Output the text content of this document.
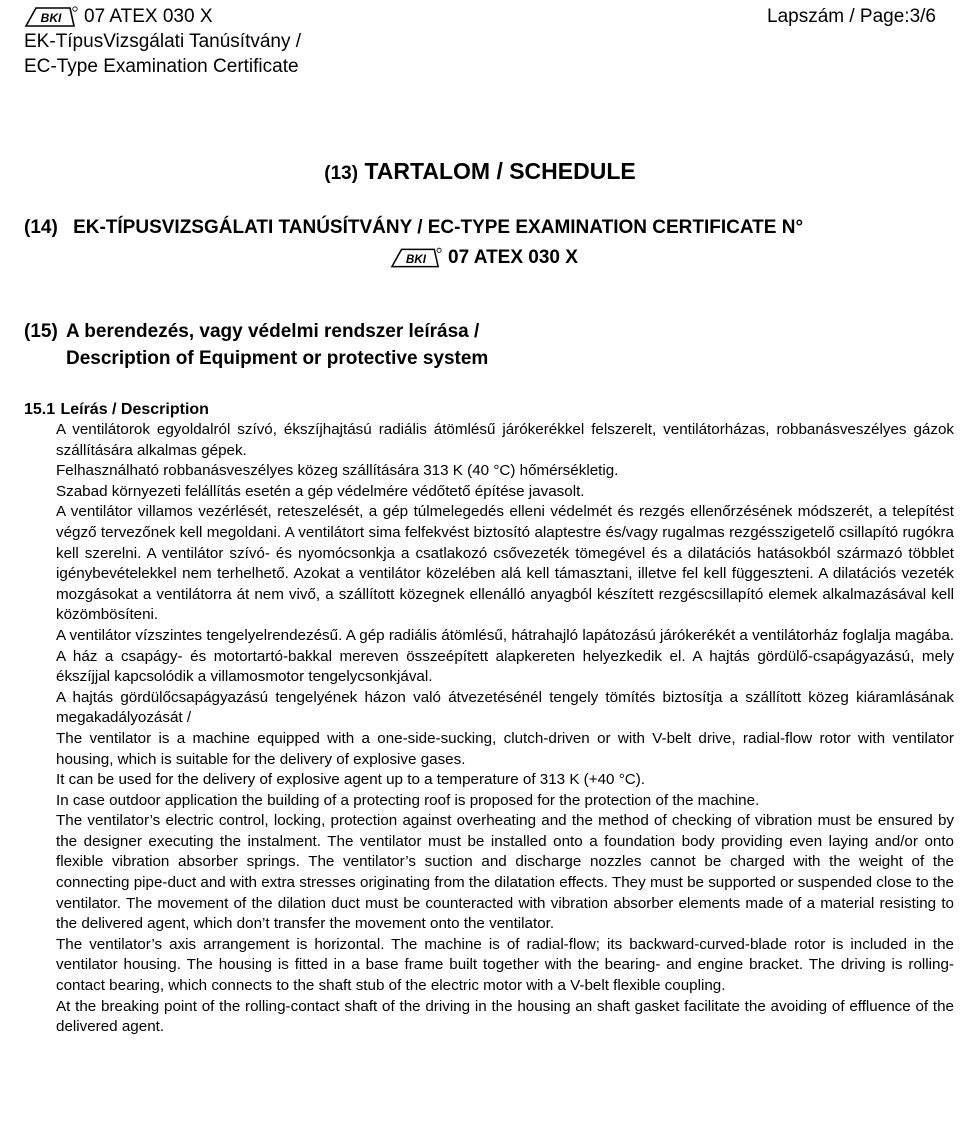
BKI 07 ATEX 030 X
EK-TípusVizsgálati Tanúsítvány /
EC-Type Examination Certificate
Lapszám / Page:3/6
(13) TARTALOM / SCHEDULE
(14) EK-TÍPUSVIZSGÁLATI TANÚSÍTVÁNY / EC-TYPE EXAMINATION CERTIFICATE N°
BKI 07 ATEX 030 X
(15) A berendezés, vagy védelmi rendszer leírása /
Description of Equipment or protective system
15.1 Leírás / Description

A ventilátorok egyoldalról szívó, ékszíjhajtású radiális átömlésű járókerékkel felszerelt, ventilátorházas, robbanásveszélyes gázok szállítására alkalmas gépek.

Felhasználható robbanásveszélyes közeg szállítására 313 K (40 °C) hőmérsékletig.

Szabad környezeti felállítás esetén a gép védelmére védőtető építése javasolt.

A ventilátor villamos vezérlését, reteszelését, a gép túlmelegedés elleni védelmét és rezgés ellenőrzésének módszerét, a telepítést végző tervezőnek kell megoldani. A ventilátort sima felfekvést biztosító alaptestre és/vagy rugalmas rezgésszigetelő csillapító rugókra kell szerelni. A ventilátor szívó- és nyomócsonkja a csatlakozó csővezeték tömegével és a dilatációs hatásokból származó többlet igénybevételekkel nem terhelhető. Azokat a ventilátor közelében alá kell támasztani, illetve fel kell függeszteni. A dilatációs vezeték mozgásokat a ventilátorra át nem vivő, a szállított közegnek ellenálló anyagból készített rezgéscsillapító elemek alkalmazásával kell közömbösíteni.

A ventilátor vízszintes tengelyelrendezésű. A gép radiális átömlésű, hátrahajló lapátozású járókerékét a ventilátorház foglalja magába. A ház a csapágy- és motortartó-bakkal mereven összeépített alapkereten helyezkedik el. A hajtás gördülő-csapágyazású, mely ékszíjjal kapcsolódik a villamosmotor tengelycsonkjával.

A hajtás gördülőcsapágyazású tengelyének házon való átvezetésénél tengely tömítés biztosítja a szállított közeg kiáramlásának megakadályozását /

The ventilator is a machine equipped with a one-side-sucking, clutch-driven or with V-belt drive, radial-flow rotor with ventilator housing, which is suitable for the delivery of explosive gases.

It can be used for the delivery of explosive agent up to a temperature of 313 K (+40 °C).

In case outdoor application the building of a protecting roof is proposed for the protection of the machine.

The ventilator’s electric control, locking, protection against overheating and the method of checking of vibration must be ensured by the designer executing the instalment. The ventilator must be installed onto a foundation body providing even laying and/or onto flexible vibration absorber springs. The ventilator’s suction and discharge nozzles cannot be charged with the weight of the connecting pipe-duct and with extra stresses originating from the dilatation effects. They must be supported or suspended close to the ventilator. The movement of the dilation duct must be counteracted with vibration absorber elements made of a material resisting to the delivered agent, which don’t transfer the movement onto the ventilator.

The ventilator’s axis arrangement is horizontal. The machine is of radial-flow; its backward-curved-blade rotor is included in the ventilator housing. The housing is fitted in a base frame built together with the bearing- and engine bracket. The driving is rolling-contact bearing, which connects to the shaft stub of the electric motor with a V-belt flexible coupling.

At the breaking point of the rolling-contact shaft of the driving in the housing an shaft gasket facilitate the avoiding of effluence of the delivered agent.
